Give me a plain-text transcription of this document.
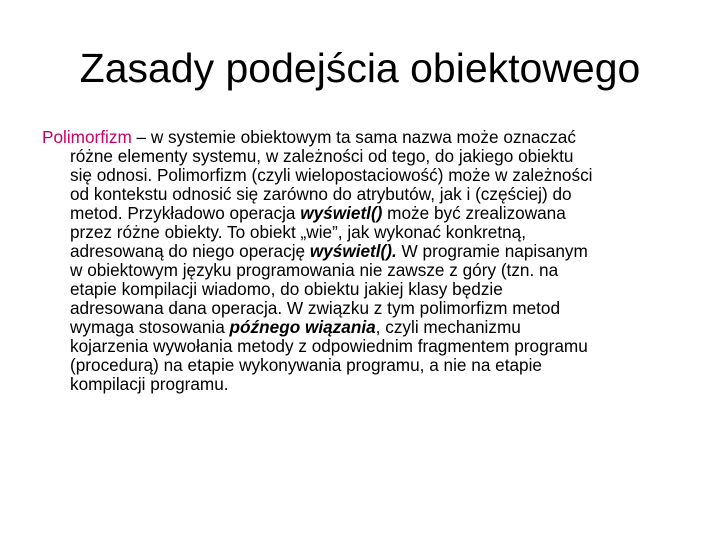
Zasady podejścia obiektowego
Polimorfizm – w systemie obiektowym ta sama nazwa może oznaczać
różne elementy systemu, w zależności od tego, do jakiego obiektu
się odnosi. Polimorfizm (czyli wielopostaciowość) może w zależności
od kontekstu odnosić się zarówno do atrybutów, jak i (częściej) do
metod. Przykładowo operacja wyświetl() może być zrealizowana
przez różne obiekty. To obiekt „wie”, jak wykonać konkretną,
adresowaną do niego operację wyświetl(). W programie napisanym
w obiektowym języku programowania nie zawsze z góry (tzn. na
etapie kompilacji wiadomo, do obiektu jakiej klasy będzie
adresowana dana operacja. W związku z tym polimorfizm metod
wymaga stosowania późnego wiązania, czyli mechanizmu
kojarzenia wywołania metody z odpowiednim fragmentem programu
(procedurą) na etapie wykonywania programu, a nie na etapie
kompilacji programu.
